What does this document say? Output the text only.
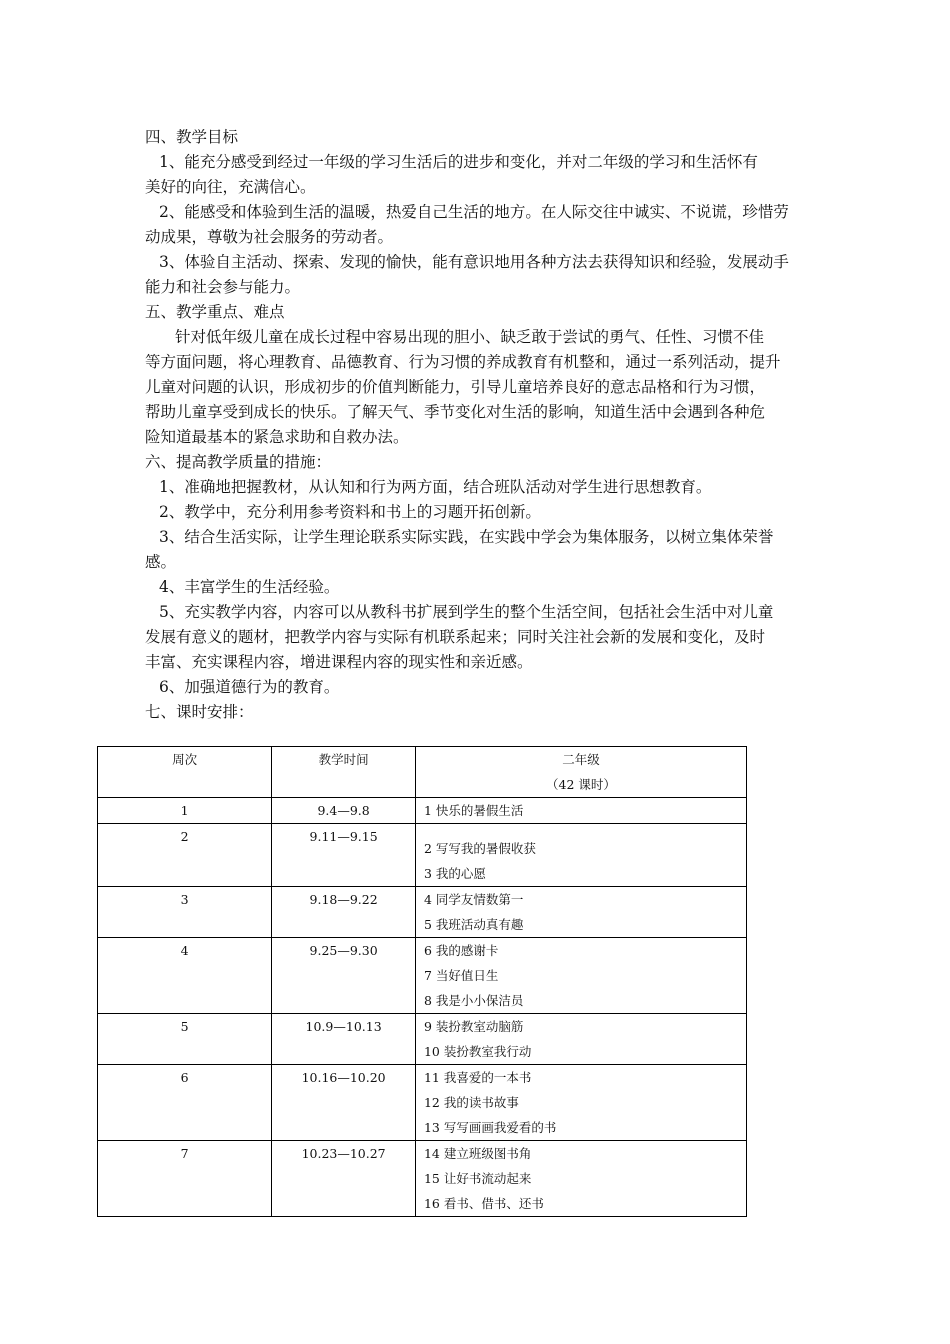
四、教学目标
1、能充分感受到经过一年级的学习生活后的进步和变化，并对二年级的学习和生活怀有
美好的向往，充满信心。
2、能感受和体验到生活的温暖，热爱自己生活的地方。在人际交往中诚实、不说谎，珍惜劳
动成果，尊敬为社会服务的劳动者。
3、体验自主活动、探索、发现的愉快，能有意识地用各种方法去获得知识和经验，发展动手
能力和社会参与能力。
五、教学重点、难点
针对低年级儿童在成长过程中容易出现的胆小、缺乏敢于尝试的勇气、任性、习惯不佳
等方面问题，将心理教育、品德教育、行为习惯的养成教育有机整和，通过一系列活动，提升
儿童对问题的认识，形成初步的价值判断能力，引导儿童培养良好的意志品格和行为习惯，
帮助儿童享受到成长的快乐。了解天气、季节变化对生活的影响，知道生活中会遇到各种危
险知道最基本的紧急求助和自救办法。
六、提高教学质量的措施：
1、准确地把握教材，从认知和行为两方面，结合班队活动对学生进行思想教育。
2、教学中，充分利用参考资料和书上的习题开拓创新。
3、结合生活实际，让学生理论联系实际实践，在实践中学会为集体服务，以树立集体荣誉
感。
4、丰富学生的生活经验。
5、充实教学内容，内容可以从教科书扩展到学生的整个生活空间，包括社会生活中对儿童
发展有意义的题材，把教学内容与实际有机联系起来；同时关注社会新的发展和变化，及时
丰富、充实课程内容，增进课程内容的现实性和亲近感。
6、加强道德行为的教育。
七、课时安排：
周次	教学时间	二年级
（42 课时）

1	9.4—9.8	1 快乐的暑假生活

2	9.11—9.15	2 写写我的暑假收获
3 我的心愿

3	9.18—9.22	4 同学友情数第一
5 我班活动真有趣

4	9.25—9.30	6 我的感谢卡
7 当好值日生
8 我是小小保洁员

5	10.9—10.13	9 装扮教室动脑筋
10 装扮教室我行动

6	10.16—10.20	11 我喜爱的一本书
12 我的读书故事
13 写写画画我爱看的书

7	10.23—10.27	14 建立班级图书角
15 让好书流动起来
16 看书、借书、还书
